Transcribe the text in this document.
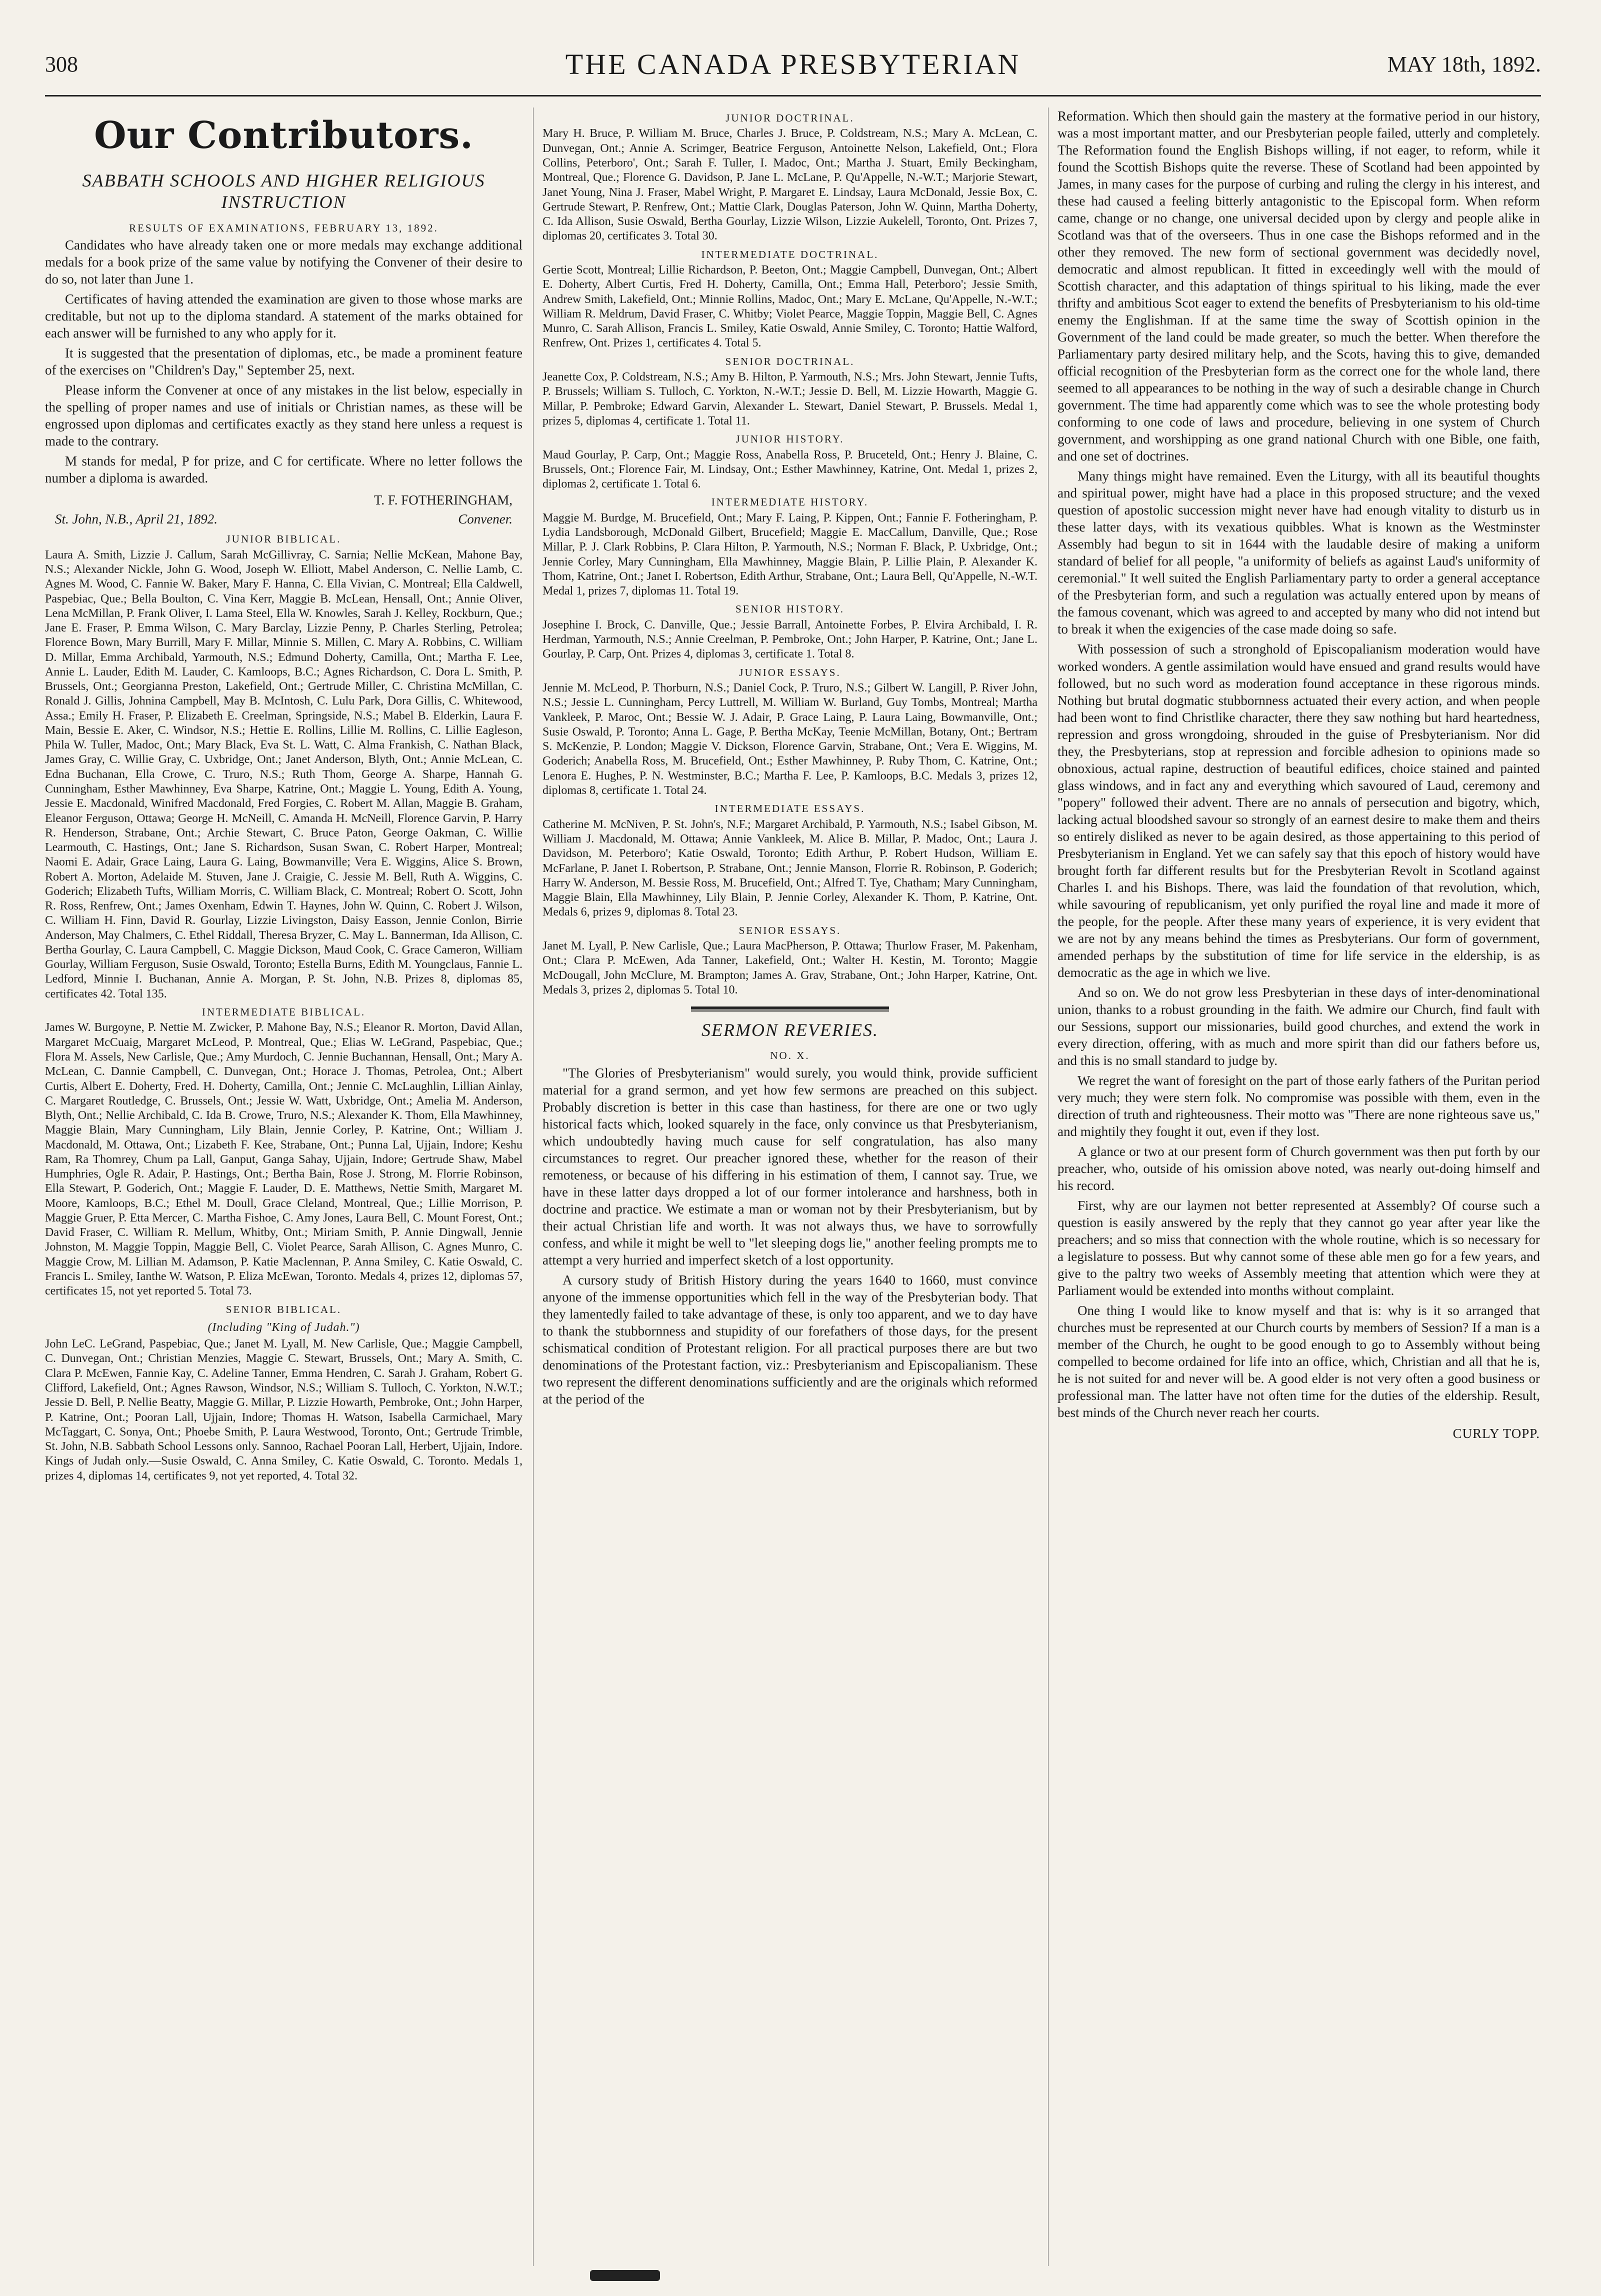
308	THE CANADA PRESBYTERIAN	MAY 18th, 1892.
Our Contributors.
SABBATH SCHOOLS AND HIGHER RELIGIOUS INSTRUCTION
RESULTS OF EXAMINATIONS, FEBRUARY 13, 1892.

Candidates who have already taken one or more medals may exchange additional medals for a book prize of the same value by notifying the Convener of their desire to do so, not later than June 1.

Certificates of having attended the examination are given to those whose marks are creditable, but not up to the diploma standard. A statement of the marks obtained for each answer will be furnished to any who apply for it.

It is suggested that the presentation of diplomas, etc., be made a prominent feature of the exercises on "Children's Day," September 25, next.

Please inform the Convener at once of any mistakes in the list below, especially in the spelling of proper names and use of initials or Christian names, as these will be engrossed upon diplomas and certificates exactly as they stand here unless a request is made to the contrary.

M stands for medal, P for prize, and C for certificate. Where no letter follows the number a diploma is awarded.

T. F. FOTHERINGHAM,
St. John, N.B., April 21, 1892.	Convener.
JUNIOR BIBLICAL.

Laura A. Smith, Lizzie J. Callum, Sarah McGillivray, C. Sarnia; Nellie McKean, Mahone Bay, N.S.; Alexander Nickle, John G. Wood, Joseph W. Elliott, Mabel Anderson, C. Nellie Lamb, C. Agnes M. Wood, C. Fannie W. Baker, Mary F. Hanna, C. Ella Vivian, C. Montreal; Ella Caldwell, Paspebiac, Que.; Bella Boulton, C. Vina Kerr, Maggie B. McLean, Hensall, Ont.; Annie Oliver, Lena McMillan, P. Frank Oliver, I. Lama Steel, Ella W. Knowles, Sarah J. Kelley, Rockburn, Que.; Jane E. Fraser, P. Emma Wilson, C. Mary Barclay, Lizzie Penny, P. Charles Sterling, Petrolea; Florence Bown, Mary Burrill, Mary F. Millar, Minnie S. Millen, C. Mary A. Robbins, C. William D. Millar, Emma Archibald, Yarmouth, N.S.; Edmund Doherty, Camilla, Ont.; Martha F. Lee, Annie L. Lauder, Edith M. Lauder, C. Kamloops, B.C.; Agnes Richardson, C. Dora L. Smith, P. Brussels, Ont.; Georgianna Preston, Lakefield, Ont.; Gertrude Miller, C. Christina McMillan, C. Ronald J. Gillis, Johnina Campbell, May B. McIntosh, C. Lulu Park, Dora Gillis, C. Whitewood, Assa.; Emily H. Fraser, P. Elizabeth E. Creelman, Springside, N.S.; Mabel B. Elderkin, Laura F. Main, Bessie E. Aker, C. Windsor, N.S.; Hettie E. Rollins, Lillie M. Rollins, C. Lillie Eagleson, Phila W. Tuller, Madoc, Ont.; Mary Black, Eva St. L. Watt, C. Alma Frankish, C. Nathan Black, James Gray, C. Willie Gray, C. Uxbridge, Ont.; Janet Anderson, Blyth, Ont.; Annie McLean, C. Edna Buchanan, Ella Crowe, C. Truro, N.S.; Ruth Thom, George A. Sharpe, Hannah G. Cunningham, Esther Mawhinney, Eva Sharpe, Katrine, Ont.; Maggie L. Young, Edith A. Young, Jessie E. Macdonald, Winifred Macdonald, Fred Forgies, C. Robert M. Allan, Maggie B. Graham, Eleanor Ferguson, Ottawa; George H. McNeill, C. Amanda H. McNeill, Florence Garvin, P. Harry R. Henderson, Strabane, Ont.; Archie Stewart, C. Bruce Paton, George Oakman, C. Willie Learmouth, C. Hastings, Ont.; Jane S. Richardson, Susan Swan, C. Robert Harper, Montreal; Naomi E. Adair, Grace Laing, Laura G. Laing, Bowmanville; Vera E. Wiggins, Alice S. Brown, Robert A. Morton, Adelaide M. Stuven, Jane J. Craigie, C. Jessie M. Bell, Ruth A. Wiggins, C. Goderich; Elizabeth Tufts, William Morris, C. William Black, C. Montreal; Robert O. Scott, John R. Ross, Renfrew, Ont.; James Oxenham, Edwin T. Haynes, John W. Quinn, C. Robert J. Wilson, C. William H. Finn, David R. Gourlay, Lizzie Livingston, Daisy Easson, Jennie Conlon, Birrie Anderson, May Chalmers, C. Ethel Riddall, Theresa Bryzer, C. May L. Bannerman, Ida Allison, C. Bertha Gourlay, C. Laura Campbell, C. Maggie Dickson, Maud Cook, C. Grace Cameron, William Gourlay, William Ferguson, Susie Oswald, Toronto; Estella Burns, Edith M. Youngclaus, Fannie L. Ledford, Minnie I. Buchanan, Annie A. Morgan, P. St. John, N.B. Prizes 8, diplomas 85, certificates 42. Total 135.

INTERMEDIATE BIBLICAL.

James W. Burgoyne, P. Nettie M. Zwicker, P. Mahone Bay, N.S.; Eleanor R. Morton, David Allan, Margaret McCuaig, Margaret McLeod, P. Montreal, Que.; Elias W. LeGrand, Paspebiac, Que.; Flora M. Assels, New Carlisle, Que.; Amy Murdoch, C. Jennie Buchannan, Hensall, Ont.; Mary A. McLean, C. Dannie Campbell, C. Dunvegan, Ont.; Horace J. Thomas, Petrolea, Ont.; Albert Curtis, Albert E. Doherty, Fred. H. Doherty, Camilla, Ont.; Jennie C. McLaughlin, Lillian Ainlay, C. Margaret Routledge, C. Brussels, Ont.; Jessie W. Watt, Uxbridge, Ont.; Amelia M. Anderson, Blyth, Ont.; Nellie Archibald, C. Ida B. Crowe, Truro, N.S.; Alexander K. Thom, Ella Mawhinney, Maggie Blain, Mary Cunningham, Lily Blain, Jennie Corley, P. Katrine, Ont.; William J. Macdonald, M. Ottawa, Ont.; Lizabeth F. Kee, Strabane, Ont.; Punna Lal, Ujjain, Indore; Keshu Ram, Ra Thomrey, Chum pa Lall, Ganput, Ganga Sahay, Ujjain, Indore; Gertrude Shaw, Mabel Humphries, Ogle R. Adair, P. Hastings, Ont.; Bertha Bain, Rose J. Strong, M. Florrie Robinson, Ella Stewart, P. Goderich, Ont.; Maggie F. Lauder, D. E. Matthews, Nettie Smith, Margaret M. Moore, Kamloops, B.C.; Ethel M. Doull, Grace Cleland, Montreal, Que.; Lillie Morrison, P. Maggie Gruer, P. Etta Mercer, C. Martha Fishoe, C. Amy Jones, Laura Bell, C. Mount Forest, Ont.; David Fraser, C. William R. Mellum, Whitby, Ont.; Miriam Smith, P. Annie Dingwall, Jennie Johnston, M. Maggie Toppin, Maggie Bell, C. Violet Pearce, Sarah Allison, C. Agnes Munro, C. Maggie Crow, M. Lillian M. Adamson, P. Katie Maclennan, P. Anna Smiley, C. Katie Oswald, C. Francis L. Smiley, Ianthe W. Watson, P. Eliza McEwan, Toronto. Medals 4, prizes 12, diplomas 57, certificates 15, not yet reported 5. Total 73.

SENIOR BIBLICAL.
(Including "King of Judah.")

John LeC. LeGrand, Paspebiac, Que.; Janet M. Lyall, M. New Carlisle, Que.; Maggie Campbell, C. Dunvegan, Ont.; Christian Menzies, Maggie C. Stewart, Brussels, Ont.; Mary A. Smith, C. Clara P. McEwen, Fannie Kay, C. Adeline Tanner, Emma Hendren, C. Sarah J. Graham, Robert G. Clifford, Lakefield, Ont.; Agnes Rawson, Windsor, N.S.; William S. Tulloch, C. Yorkton, N.W.T.; Jessie D. Bell, P. Nellie Beatty, Maggie G. Millar, P. Lizzie Howarth, Pembroke, Ont.; John Harper, P. Katrine, Ont.; Pooran Lall, Ujjain, Indore; Thomas H. Watson, Isabella Carmichael, Mary McTaggart, C. Sonya, Ont.; Phoebe Smith, P. Laura Westwood, Toronto, Ont.; Gertrude Trimble, St. John, N.B. Sabbath School Lessons only. Sannoo, Rachael Pooran Lall, Herbert, Ujjain, Indore. Kings of Judah only.—Susie Oswald, C. Anna Smiley, C. Katie Oswald, C. Toronto. Medals 1, prizes 4, diplomas 14, certificates 9, not yet reported, 4. Total 32.

JUNIOR DOCTRINAL.

Mary H. Bruce, P. William M. Bruce, Charles J. Bruce, P. Coldstream, N.S.; Mary A. McLean, C. Dunvegan, Ont.; Annie A. Scrimger, Beatrice Ferguson, Antoinette Nelson, Lakefield, Ont.; Flora Collins, Peterboro', Ont.; Sarah F. Tuller, I. Madoc, Ont.; Martha J. Stuart, Emily Beckingham, Montreal, Que.; Florence G. Davidson, P. Jane L. McLane, P. Qu'Appelle, N.-W.T.; Marjorie Stewart, Janet Young, Nina J. Fraser, Mabel Wright, P. Margaret E. Lindsay, Laura McDonald, Jessie Box, C. Gertrude Stewart, P. Renfrew, Ont.; Mattie Clark, Douglas Paterson, John W. Quinn, Martha Doherty, C. Ida Allison, Susie Oswald, Bertha Gourlay, Lizzie Wilson, Lizzie Aukelell, Toronto, Ont. Prizes 7, diplomas 20, certificates 3. Total 30.

INTERMEDIATE DOCTRINAL.

Gertie Scott, Montreal; Lillie Richardson, P. Beeton, Ont.; Maggie Campbell, Dunvegan, Ont.; Albert E. Doherty, Albert Curtis, Fred H. Doherty, Camilla, Ont.; Emma Hall, Peterboro'; Jessie Smith, Andrew Smith, Lakefield, Ont.; Minnie Rollins, Madoc, Ont.; Mary E. McLane, Qu'Appelle, N.-W.T.; William R. Meldrum, David Fraser, C. Whitby; Violet Pearce, Maggie Toppin, Maggie Bell, C. Agnes Munro, C. Sarah Allison, Francis L. Smiley, Katie Oswald, Annie Smiley, C. Toronto; Hattie Walford, Renfrew, Ont. Prizes 1, certificates 4. Total 5.

SENIOR DOCTRINAL.

Jeanette Cox, P. Coldstream, N.S.; Amy B. Hilton, P. Yarmouth, N.S.; Mrs. John Stewart, Jennie Tufts, P. Brussels; William S. Tulloch, C. Yorkton, N.-W.T.; Jessie D. Bell, M. Lizzie Howarth, Maggie G. Millar, P. Pembroke; Edward Garvin, Alexander L. Stewart, Daniel Stewart, P. Brussels. Medal 1, prizes 5, diplomas 4, certificate 1. Total 11.

JUNIOR HISTORY.

Maud Gourlay, P. Carp, Ont.; Maggie Ross, Anabella Ross, P. Bruceteld, Ont.; Henry J. Blaine, C. Brussels, Ont.; Florence Fair, M. Lindsay, Ont.; Esther Mawhinney, Katrine, Ont. Medal 1, prizes 2, diplomas 2, certificate 1. Total 6.

INTERMEDIATE HISTORY.

Maggie M. Burdge, M. Brucefield, Ont.; Mary F. Laing, P. Kippen, Ont.; Fannie F. Fotheringham, P. Lydia Landsborough, McDonald Gilbert, Brucefield; Maggie E. MacCallum, Danville, Que.; Rose Millar, P. J. Clark Robbins, P. Clara Hilton, P. Yarmouth, N.S.; Norman F. Black, P. Uxbridge, Ont.; Jennie Corley, Mary Cunningham, Ella Mawhinney, Maggie Blain, P. Lillie Plain, P. Alexander K. Thom, Katrine, Ont.; Janet I. Robertson, Edith Arthur, Strabane, Ont.; Laura Bell, Qu'Appelle, N.-W.T. Medal 1, prizes 7, diplomas 11. Total 19.

SENIOR HISTORY.

Josephine I. Brock, C. Danville, Que.; Jessie Barrall, Antoinette Forbes, P. Elvira Archibald, I. R. Herdman, Yarmouth, N.S.; Annie Creelman, P. Pembroke, Ont.; John Harper, P. Katrine, Ont.; Jane L. Gourlay, P. Carp, Ont. Prizes 4, diplomas 3, certificate 1. Total 8.

JUNIOR ESSAYS.

Jennie M. McLeod, P. Thorburn, N.S.; Daniel Cock, P. Truro, N.S.; Gilbert W. Langill, P. River John, N.S.; Jessie L. Cunningham, Percy Luttrell, M. William W. Burland, Guy Tombs, Montreal; Martha Vankleek, P. Maroc, Ont.; Bessie W. J. Adair, P. Grace Laing, P. Laura Laing, Bowmanville, Ont.; Susie Oswald, P. Toronto; Anna L. Gage, P. Bertha McKay, Teenie McMillan, Botany, Ont.; Bertram S. McKenzie, P. London; Maggie V. Dickson, Florence Garvin, Strabane, Ont.; Vera E. Wiggins, M. Goderich; Anabella Ross, M. Brucefield, Ont.; Esther Mawhinney, P. Ruby Thom, C. Katrine, Ont.; Lenora E. Hughes, P. N. Westminster, B.C.; Martha F. Lee, P. Kamloops, B.C. Medals 3, prizes 12, diplomas 8, certificate 1. Total 24.

INTERMEDIATE ESSAYS.

Catherine M. McNiven, P. St. John's, N.F.; Margaret Archibald, P. Yarmouth, N.S.; Isabel Gibson, M. William J. Macdonald, M. Ottawa; Annie Vankleek, M. Alice B. Millar, P. Madoc, Ont.; Laura J. Davidson, M. Peterboro'; Katie Oswald, Toronto; Edith Arthur, P. Robert Hudson, William E. McFarlane, P. Janet I. Robertson, P. Strabane, Ont.; Jennie Manson, Florrie R. Robinson, P. Goderich; Harry W. Anderson, M. Bessie Ross, M. Brucefield, Ont.; Alfred T. Tye, Chatham; Mary Cunningham, Maggie Blain, Ella Mawhinney, Lily Blain, P. Jennie Corley, Alexander K. Thom, P. Katrine, Ont. Medals 6, prizes 9, diplomas 8. Total 23.

SENIOR ESSAYS.

Janet M. Lyall, P. New Carlisle, Que.; Laura MacPherson, P. Ottawa; Thurlow Fraser, M. Pakenham, Ont.; Clara P. McEwen, Ada Tanner, Lakefield, Ont.; Walter H. Kestin, M. Toronto; Maggie McDougall, John McClure, M. Brampton; James A. Grav, Strabane, Ont.; John Harper, Katrine, Ont. Medals 3, prizes 2, diplomas 5. Total 10.

SERMON REVERIES.
NO. X.

"The Glories of Presbyterianism" would surely, you would think, provide sufficient material for a grand sermon, and yet how few sermons are preached on this subject. Probably discretion is better in this case than hastiness, for there are one or two ugly historical facts which, looked squarely in the face, only convince us that Presbyterianism, which undoubtedly having much cause for self congratulation, has also many circumstances to regret. Our preacher ignored these, whether for the reason of their remoteness, or because of his differing in his estimation of them, I cannot say. True, we have in these latter days dropped a lot of our former intolerance and harshness, both in doctrine and practice. We estimate a man or woman not by their Presbyterianism, but by their actual Christian life and worth. It was not always thus, we have to sorrowfully confess, and while it might be well to "let sleeping dogs lie," another feeling prompts me to attempt a very hurried and imperfect sketch of a lost opportunity.

A cursory study of British History during the years 1640 to 1660, must convince anyone of the immense opportunities which fell in the way of the Presbyterian body. That they lamentedly failed to take advantage of these, is only too apparent, and we to day have to thank the stubbornness and stupidity of our forefathers of those days, for the present schismatical condition of Protestant religion. For all practical purposes there are but two denominations of the Protestant faction, viz.: Presbyterianism and Episcopalianism. These two represent the different denominations sufficiently and are the originals which reformed at the period of the

Reformation. Which then should gain the mastery at the formative period in our history, was a most important matter, and our Presbyterian people failed, utterly and completely. The Reformation found the English Bishops willing, if not eager, to reform, while it found the Scottish Bishops quite the reverse. These of Scotland had been appointed by James, in many cases for the purpose of curbing and ruling the clergy in his interest, and these had caused a feeling bitterly antagonistic to the Episcopal form. When reform came, change or no change, one universal decided upon by clergy and people alike in Scotland was that of the overseers. Thus in one case the Bishops reformed and in the other they removed. The new form of sectional government was decidedly novel, democratic and almost republican. It fitted in exceedingly well with the mould of Scottish character, and this adaptation of things spiritual to his liking, made the ever thrifty and ambitious Scot eager to extend the benefits of Presbyterianism to his old-time enemy the Englishman. If at the same time the sway of Scottish opinion in the Government of the land could be made greater, so much the better. When therefore the Parliamentary party desired military help, and the Scots, having this to give, demanded official recognition of the Presbyterian form as the correct one for the whole land, there seemed to all appearances to be nothing in the way of such a desirable change in Church government. The time had apparently come which was to see the whole protesting body conforming to one code of laws and procedure, believing in one system of Church government, and worshipping as one grand national Church with one Bible, one faith, and one set of doctrines.

Many things might have remained. Even the Liturgy, with all its beautiful thoughts and spiritual power, might have had a place in this proposed structure; and the vexed question of apostolic succession might never have had enough vitality to disturb us in these latter days, with its vexatious quibbles. What is known as the Westminster Assembly had begun to sit in 1644 with the laudable desire of making a uniform standard of belief for all people, "a uniformity of beliefs as against Laud's uniformity of ceremonial." It well suited the English Parliamentary party to order a general acceptance of the Presbyterian form, and such a regulation was actually entered upon by means of the famous covenant, which was agreed to and accepted by many who did not intend but to break it when the exigencies of the case made doing so safe.

With possession of such a stronghold of Episcopalianism moderation would have worked wonders. A gentle assimilation would have ensued and grand results would have followed, but no such word as moderation found acceptance in these rigorous minds. Nothing but brutal dogmatic stubbornness actuated their every action, and when people had been wont to find Christlike character, there they saw nothing but hard heartedness, repression and gross wrongdoing, shrouded in the guise of Presbyterianism. Nor did they, the Presbyterians, stop at repression and forcible adhesion to opinions made so obnoxious, actual rapine, destruction of beautiful edifices, choice stained and painted glass windows, and in fact any and everything which savoured of Laud, ceremony and "popery" followed their advent. There are no annals of persecution and bigotry, which, lacking actual bloodshed savour so strongly of an earnest desire to make them and theirs so entirely disliked as never to be again desired, as those appertaining to this period of Presbyterianism in England. Yet we can safely say that this epoch of history would have brought forth far different results but for the Presbyterian Revolt in Scotland against Charles I. and his Bishops. There, was laid the foundation of that revolution, which, while savouring of republicanism, yet only purified the royal line and made it more of the people, for the people. After these many years of experience, it is very evident that we are not by any means behind the times as Presbyterians. Our form of government, amended perhaps by the substitution of time for life service in the eldership, is as democratic as the age in which we live.

And so on. We do not grow less Presbyterian in these days of inter-denominational union, thanks to a robust grounding in the faith. We admire our Church, find fault with our Sessions, support our missionaries, build good churches, and extend the work in every direction, offering, with as much and more spirit than did our fathers before us, and this is no small standard to judge by.

We regret the want of foresight on the part of those early fathers of the Puritan period very much; they were stern folk. No compromise was possible with them, even in the direction of truth and righteousness. Their motto was "There are none righteous save us," and mightily they fought it out, even if they lost.

A glance or two at our present form of Church government was then put forth by our preacher, who, outside of his omission above noted, was nearly out-doing himself and his record.

First, why are our laymen not better represented at Assembly? Of course such a question is easily answered by the reply that they cannot go year after year like the preachers; and so miss that connection with the whole routine, which is so necessary for a legislature to possess. But why cannot some of these able men go for a few years, and give to the paltry two weeks of Assembly meeting that attention which were they at Parliament would be extended into months without complaint.

One thing I would like to know myself and that is: why is it so arranged that churches must be represented at our Church courts by members of Session? If a man is a member of the Church, he ought to be good enough to go to Assembly without being compelled to become ordained for life into an office, which, Christian and all that he is, he is not suited for and never will be. A good elder is not very often a good business or professional man. The latter have not often time for the duties of the eldership. Result, best minds of the Church never reach her courts.

CURLY TOPP.
